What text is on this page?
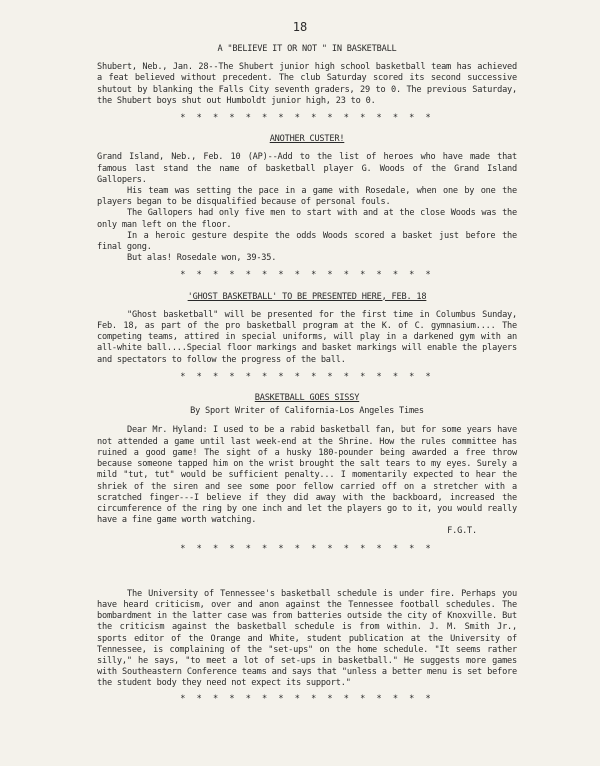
18
A "BELIEVE IT OR NOT " IN BASKETBALL

Shubert, Neb., Jan. 28--The Shubert junior high school basketball team has achieved a feat believed without precedent. The club Saturday scored its second successive shutout by blanking the Falls City seventh graders, 29 to 0. The previous Saturday, the Shubert boys shut out Humboldt junior high, 23 to 0.

* * * * * * * * * * * * * * * *
ANOTHER CUSTER!

Grand Island, Neb., Feb. 10 (AP)--Add to the list of heroes who have made that famous last stand the name of basketball player G. Woods of the Grand Island Gallopers.

His team was setting the pace in a game with Rosedale, when one by one the players began to be disqualified because of personal fouls.

The Gallopers had only five men to start with and at the close Woods was the only man left on the floor.

In a heroic gesture despite the odds Woods scored a basket just before the final gong.

But alas! Rosedale won, 39-35.

* * * * * * * * * * * * * * * *
'GHOST BASKETBALL' TO BE PRESENTED HERE, FEB. 18

"Ghost basketball" will be presented for the first time in Columbus Sunday, Feb. 18, as part of the pro basketball program at the K. of C. gymnasium.... The competing teams, attired in special uniforms, will play in a darkened gym with an all-white ball....Special floor markings and basket markings will enable the players and spectators to follow the progress of the ball.

* * * * * * * * * * * * * * * *
BASKETBALL GOES SISSY
By Sport Writer of California-Los Angeles Times

Dear Mr. Hyland: I used to be a rabid basketball fan, but for some years have not attended a game until last week-end at the Shrine. How the rules committee has ruined a good game! The sight of a husky 180-pounder being awarded a free throw because someone tapped him on the wrist brought the salt tears to my eyes. Surely a mild "tut, tut" would be sufficient penalty... I momentarily expected to hear the shriek of the siren and see some poor fellow carried off on a stretcher with a scratched finger---I believe if they did away with the backboard, increased the circumference of the ring by one inch and let the players go to it, you would really have a fine game worth watching.

F.G.T.
* * * * * * * * * * * * * * * *

The University of Tennessee's basketball schedule is under fire. Perhaps you have heard criticism, over and anon against the Tennessee football schedules. The bombardment in the latter case was from batteries outside the city of Knoxville. But the criticism against the basketball schedule is from within. J. M. Smith Jr., sports editor of the Orange and White, student publication at the University of Tennessee, is complaining of the "set-ups" on the home schedule. "It seems rather silly," he says, "to meet a lot of set-ups in basketball." He suggests more games with Southeastern Conference teams and says that "unless a better menu is set before the student body they need not expect its support."

* * * * * * * * * * * * * * * *
